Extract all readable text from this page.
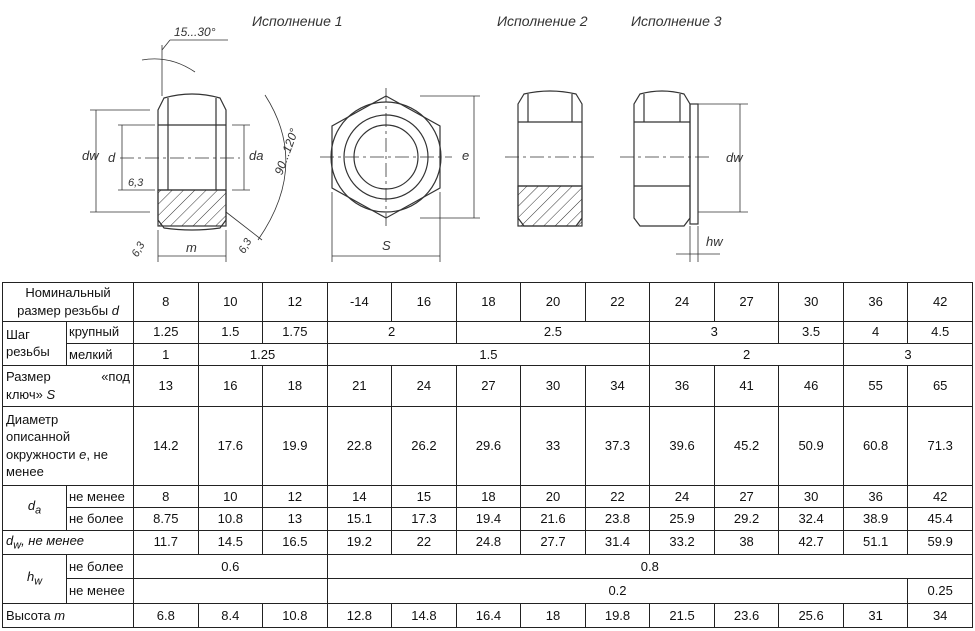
Исполнение 1	Исполнение 2	Исполнение 3
dw d	da
m
15...30°
90...120°
6,3
6,3	6,3
e
S
dw
hw
Номинальный
размер резьбы d		8	10	12	-14	16	18	20	22	24	27	30	36	42
Шаг резьбы	крупный	1.25	1.5	1.75	2		2.5			3		3.5	4	4.5
	мелкий	1	1.25		1.5					2			3	

Размер «под
ключ» S		13	16	18	21	24	27	30	34	36	41	46	55	65
Диаметр
описанной
окружности e, не
менее		14.2	17.6	19.9	22.8	26.2	29.6	33	37.3	39.6	45.2	50.9	60.8	71.3
$d_a$	не менее	8	10	12	14	15	18	20	22	24	27	30	36	42
	не более	8.75	10.8	13	15.1	17.3	19.4	21.6	23.8	25.9	29.2	32.4	38.9	45.4
$d_w$, не менее		11.7	14.5	16.5	19.2	22	24.8	27.7	31.4	33.2	38	42.7	51.1	59.9
$h_w$	не более	0.6			0.8									
	не менее				0.2									0.25
Высота m		6.8	8.4	10.8	12.8	14.8	16.4	18	19.8	21.5	23.6	25.6	31	34
